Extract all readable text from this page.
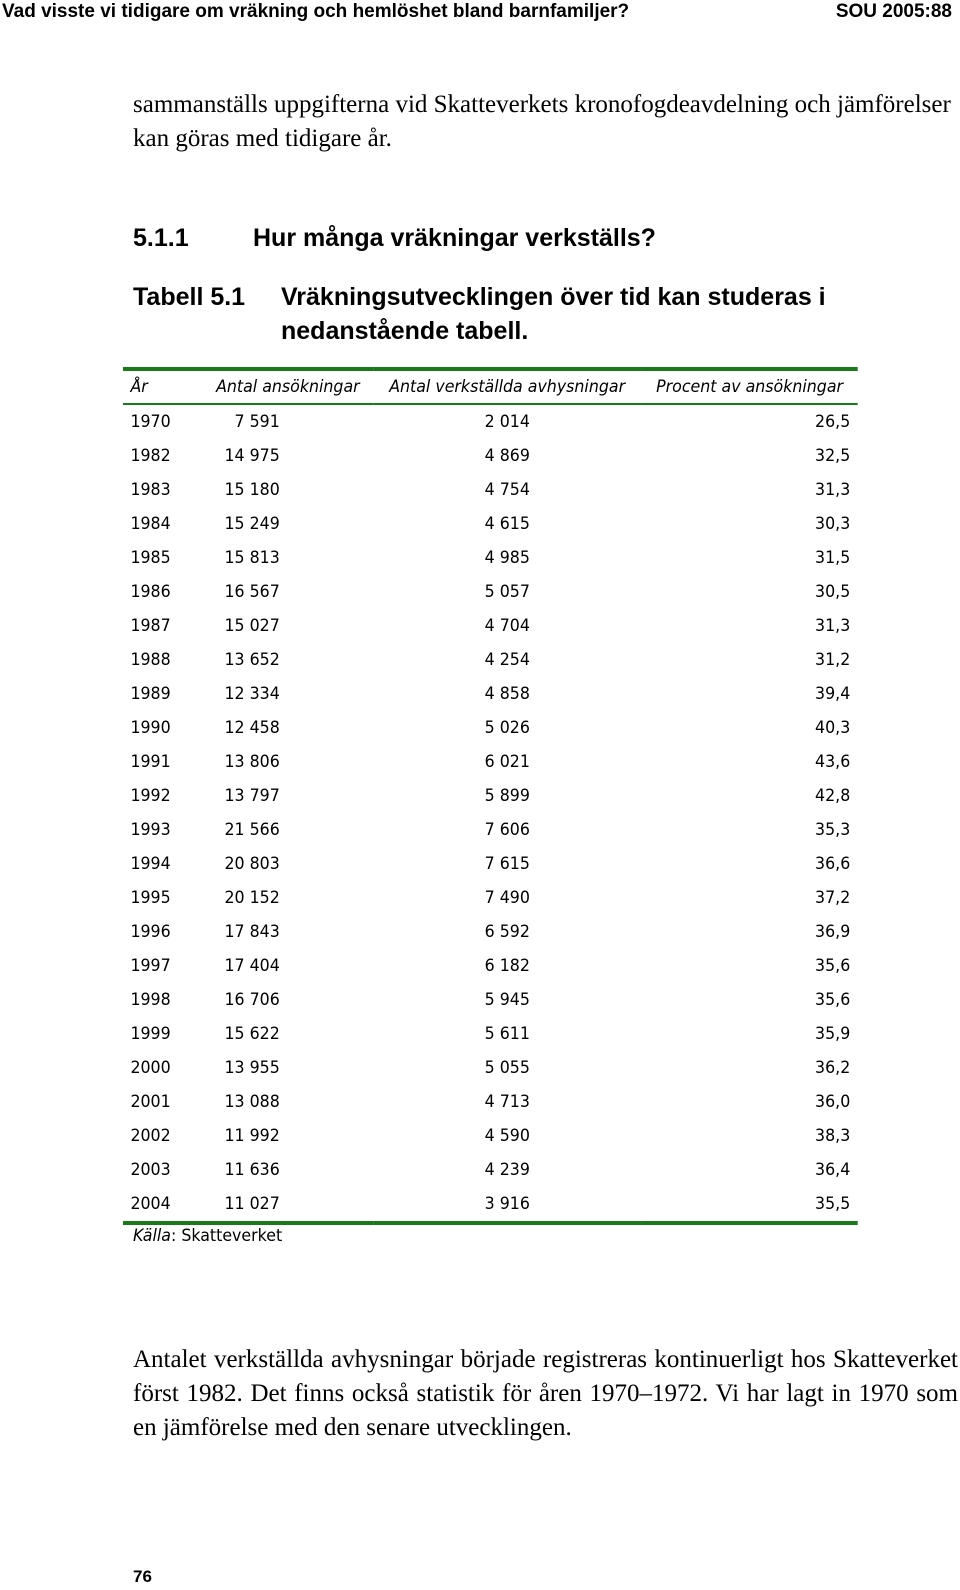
Vad visste vi tidigare om vräkning och hemlöshet bland barnfamiljer?	SOU 2005:88

sammanställs uppgifterna vid Skatteverkets kronofogdeavdelning och jämförelser kan göras med tidigare år.

5.1.1	Hur många vräkningar verkställs?
Tabell 5.1 Vräkningsutvecklingen över tid kan studeras i nedanstående tabell.
År	Antal ansökningar	Antal verkställda avhysningar	Procent av ansökningar
1970	7 591	2 014	26,5
1982	14 975	4 869	32,5
1983	15 180	4 754	31,3
1984	15 249	4 615	30,3
1985	15 813	4 985	31,5
1986	16 567	5 057	30,5
1987	15 027	4 704	31,3
1988	13 652	4 254	31,2
1989	12 334	4 858	39,4
1990	12 458	5 026	40,3
1991	13 806	6 021	43,6
1992	13 797	5 899	42,8
1993	21 566	7 606	35,3
1994	20 803	7 615	36,6
1995	20 152	7 490	37,2
1996	17 843	6 592	36,9
1997	17 404	6 182	35,6
1998	16 706	5 945	35,6
1999	15 622	5 611	35,9
2000	13 955	5 055	36,2
2001	13 088	4 713	36,0
2002	11 992	4 590	38,3
2003	11 636	4 239	36,4
2004	11 027	3 916	35,5
Källa: Skatteverket

Antalet verkställda avhysningar började registreras kontinuerligt hos Skatteverket först 1982. Det finns också statistik för åren 1970–1972. Vi har lagt in 1970 som en jämförelse med den senare utvecklingen.

76
